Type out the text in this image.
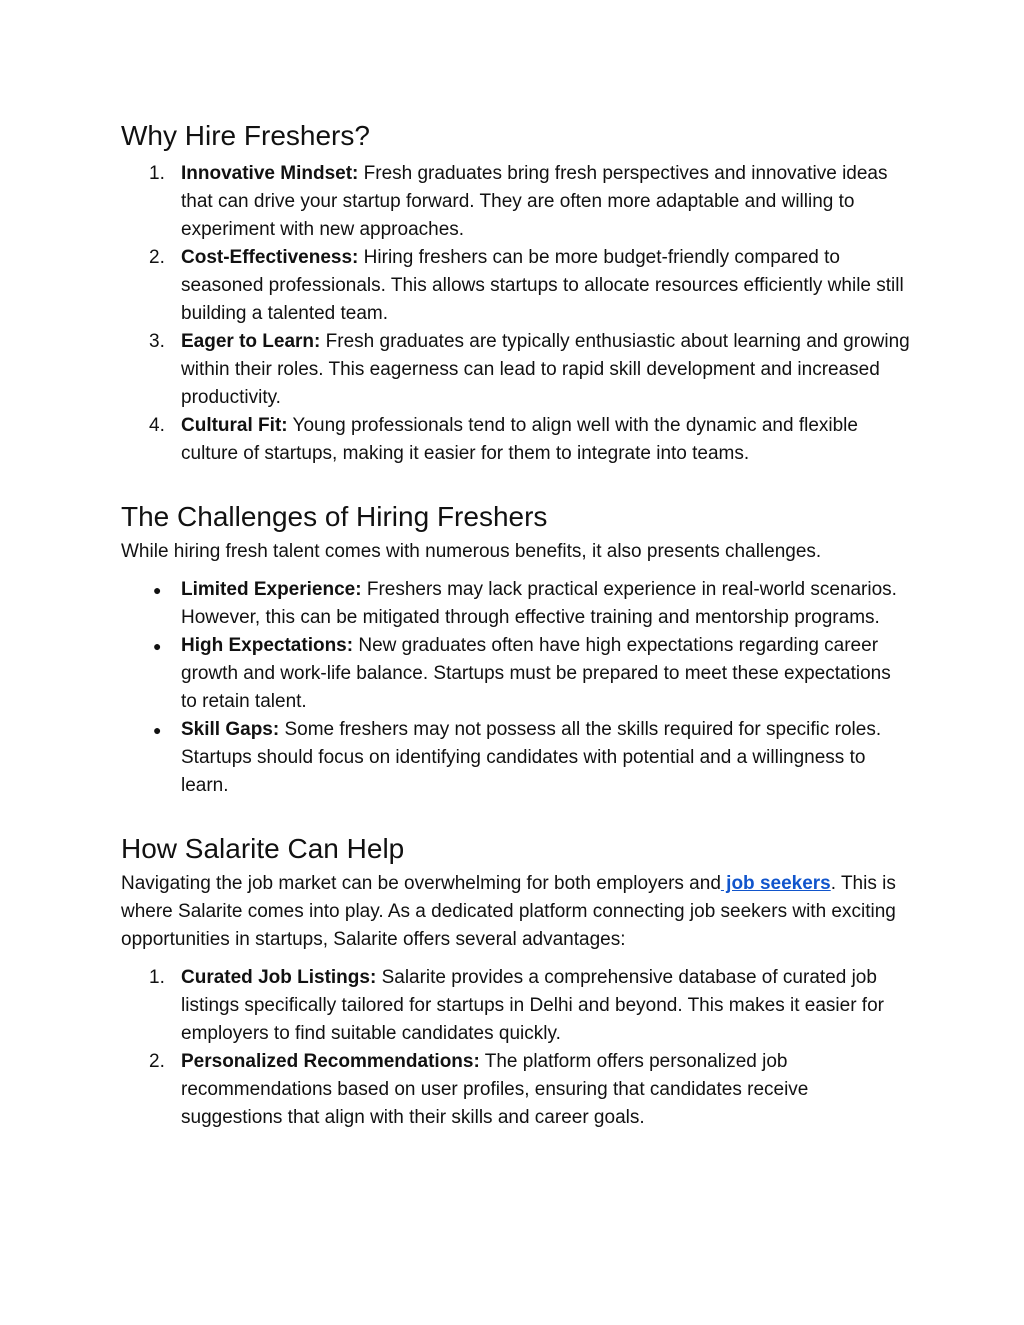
Why Hire Freshers?
1. Innovative Mindset: Fresh graduates bring fresh perspectives and innovative ideas that can drive your startup forward. They are often more adaptable and willing to experiment with new approaches.
2. Cost-Effectiveness: Hiring freshers can be more budget-friendly compared to seasoned professionals. This allows startups to allocate resources efficiently while still building a talented team.
3. Eager to Learn: Fresh graduates are typically enthusiastic about learning and growing within their roles. This eagerness can lead to rapid skill development and increased productivity.
4. Cultural Fit: Young professionals tend to align well with the dynamic and flexible culture of startups, making it easier for them to integrate into teams.
The Challenges of Hiring Freshers

While hiring fresh talent comes with numerous benefits, it also presents challenges.

●	Limited Experience: Freshers may lack practical experience in real-world scenarios. However, this can be mitigated through effective training and mentorship programs.
●	High Expectations: New graduates often have high expectations regarding career growth and work-life balance. Startups must be prepared to meet these expectations to retain talent.
●	Skill Gaps: Some freshers may not possess all the skills required for specific roles. Startups should focus on identifying candidates with potential and a willingness to learn.
How Salarite Can Help

Navigating the job market can be overwhelming for both employers and job seekers. This is where Salarite comes into play. As a dedicated platform connecting job seekers with exciting opportunities in startups, Salarite offers several advantages:

1. Curated Job Listings: Salarite provides a comprehensive database of curated job listings specifically tailored for startups in Delhi and beyond. This makes it easier for employers to find suitable candidates quickly.
2. Personalized Recommendations: The platform offers personalized job recommendations based on user profiles, ensuring that candidates receive suggestions that align with their skills and career goals.
